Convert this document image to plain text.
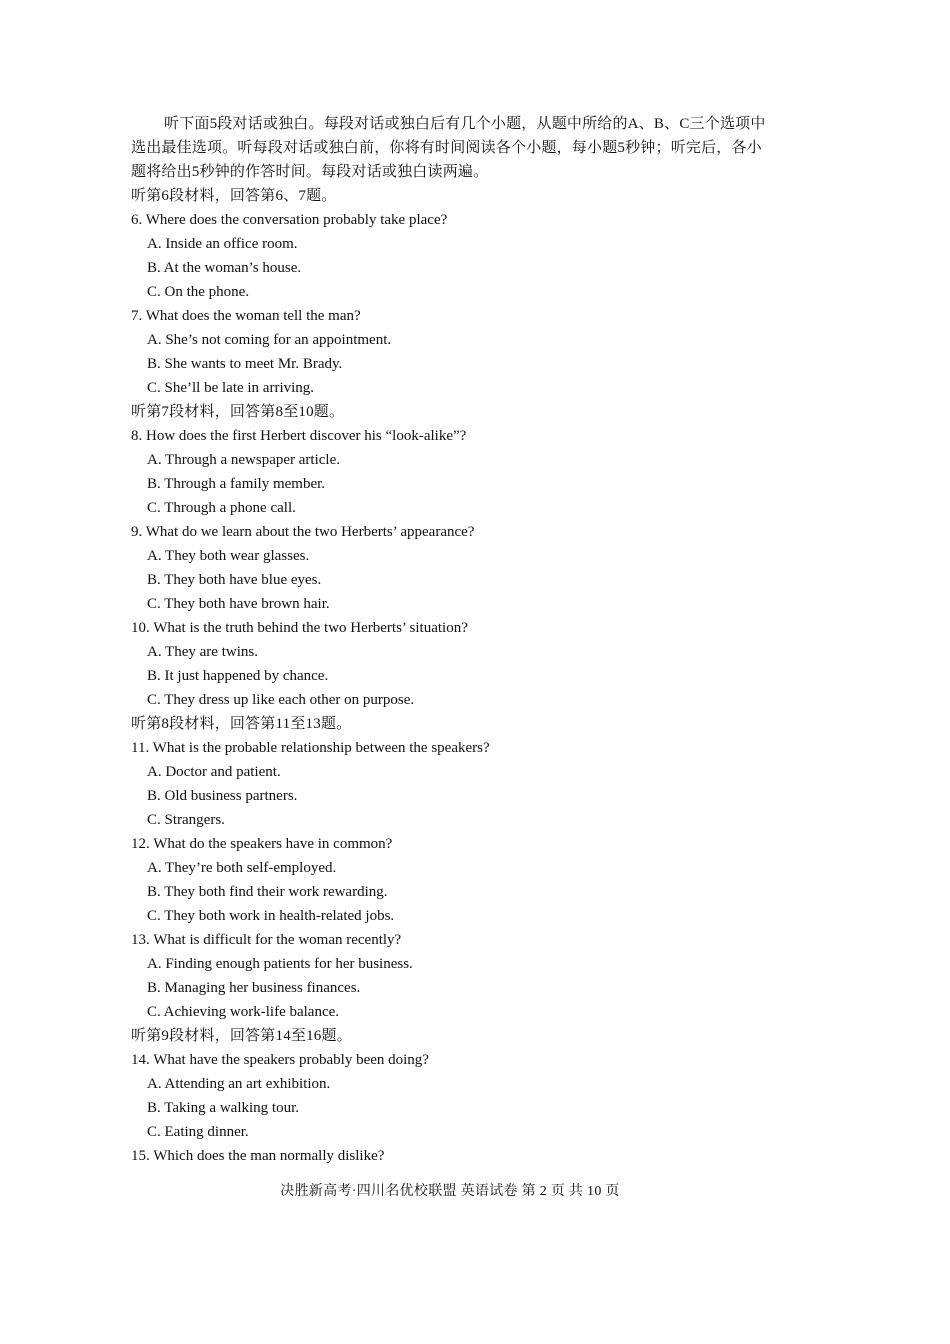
听下面5段对话或独白。每段对话或独白后有几个小题，从题中所给的A、B、C三个选项中选出最佳选项。听每段对话或独白前，你将有时间阅读各个小题，每小题5秒钟；听完后，各小题将给出5秒钟的作答时间。每段对话或独白读两遍。

听第6段材料，回答第6、7题。
6. Where does the conversation probably take place?
A. Inside an office room.
B. At the woman’s house.
C. On the phone.
7. What does the woman tell the man?
A. She’s not coming for an appointment.
B. She wants to meet Mr. Brady.
C. She’ll be late in arriving.
听第7段材料，回答第8至10题。
8. How does the first Herbert discover his “look-alike”?
A. Through a newspaper article.
B. Through a family member.
C. Through a phone call.
9. What do we learn about the two Herberts’ appearance?
A. They both wear glasses.
B. They both have blue eyes.
C. They both have brown hair.
10. What is the truth behind the two Herberts’ situation?
A. They are twins.
B. It just happened by chance.
C. They dress up like each other on purpose.
听第8段材料，回答第11至13题。
11. What is the probable relationship between the speakers?
A. Doctor and patient.
B. Old business partners.
C. Strangers.
12. What do the speakers have in common?
A. They’re both self-employed.
B. They both find their work rewarding.
C. They both work in health-related jobs.
13. What is difficult for the woman recently?
A. Finding enough patients for her business.
B. Managing her business finances.
C. Achieving work-life balance.
听第9段材料，回答第14至16题。
14. What have the speakers probably been doing?
A. Attending an art exhibition.
B. Taking a walking tour.
C. Eating dinner.
15. Which does the man normally dislike?
决胜新高考·四川名优校联盟 英语试卷 第 2 页 共 10 页
